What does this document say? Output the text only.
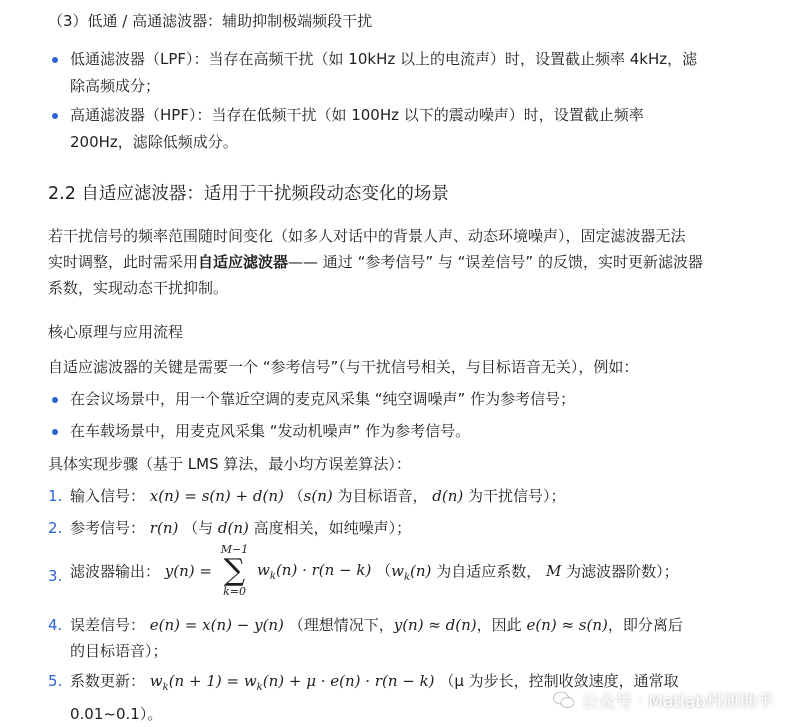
（3）低通 / 高通滤波器：辅助抑制极端频段干扰
低通滤波器（LPF）：当存在高频干扰（如 10kHz 以上的电流声）时，设置截止频率 4kHz，滤
除高频成分；
高通滤波器（HPF）：当存在低频干扰（如 100Hz 以下的震动噪声）时，设置截止频率
200Hz，滤除低频成分。
2.2 自适应滤波器：适用于干扰频段动态变化的场景
若干扰信号的频率范围随时间变化（如多人对话中的背景人声、动态环境噪声），固定滤波器无法
实时调整，此时需采用自适应滤波器—— 通过 “参考信号” 与 “误差信号” 的反馈，实时更新滤波器
系数，实现动态干扰抑制。
核心原理与应用流程
自适应滤波器的关键是需要一个 “参考信号”（与干扰信号相关，与目标语音无关），例如：
在会议场景中，用一个靠近空调的麦克风采集 “纯空调噪声” 作为参考信号；
在车载场景中，用麦克风采集 “发动机噪声” 作为参考信号。
具体实现步骤（基于 LMS 算法，最小均方误差算法）：
1. 输入信号： x(n) = s(n) + d(n) （s(n) 为目标语音， d(n) 为干扰信号）；
2. 参考信号： r(n) （与 d(n) 高度相关，如纯噪声）；
3. 滤波器输出： y(n) =
M−1
∑
k=0
$w_k(n) \cdot r(n - k)$ （$w_k(n)$ 为自适应系数， M 为滤波器阶数）；
4. 误差信号： e(n) = x(n) − y(n) （理想情况下，y(n) ≈ d(n)，因此 e(n) ≈ s(n)，即分离后
的目标语音）；
5. 系数更新： $w_k(n + 1) = w_k(n) + \mu \cdot e(n) \cdot r(n - k)$ （μ 为步长，控制收敛速度，通常取
0.01~0.1）。
公众号 · Matlab科研助手
